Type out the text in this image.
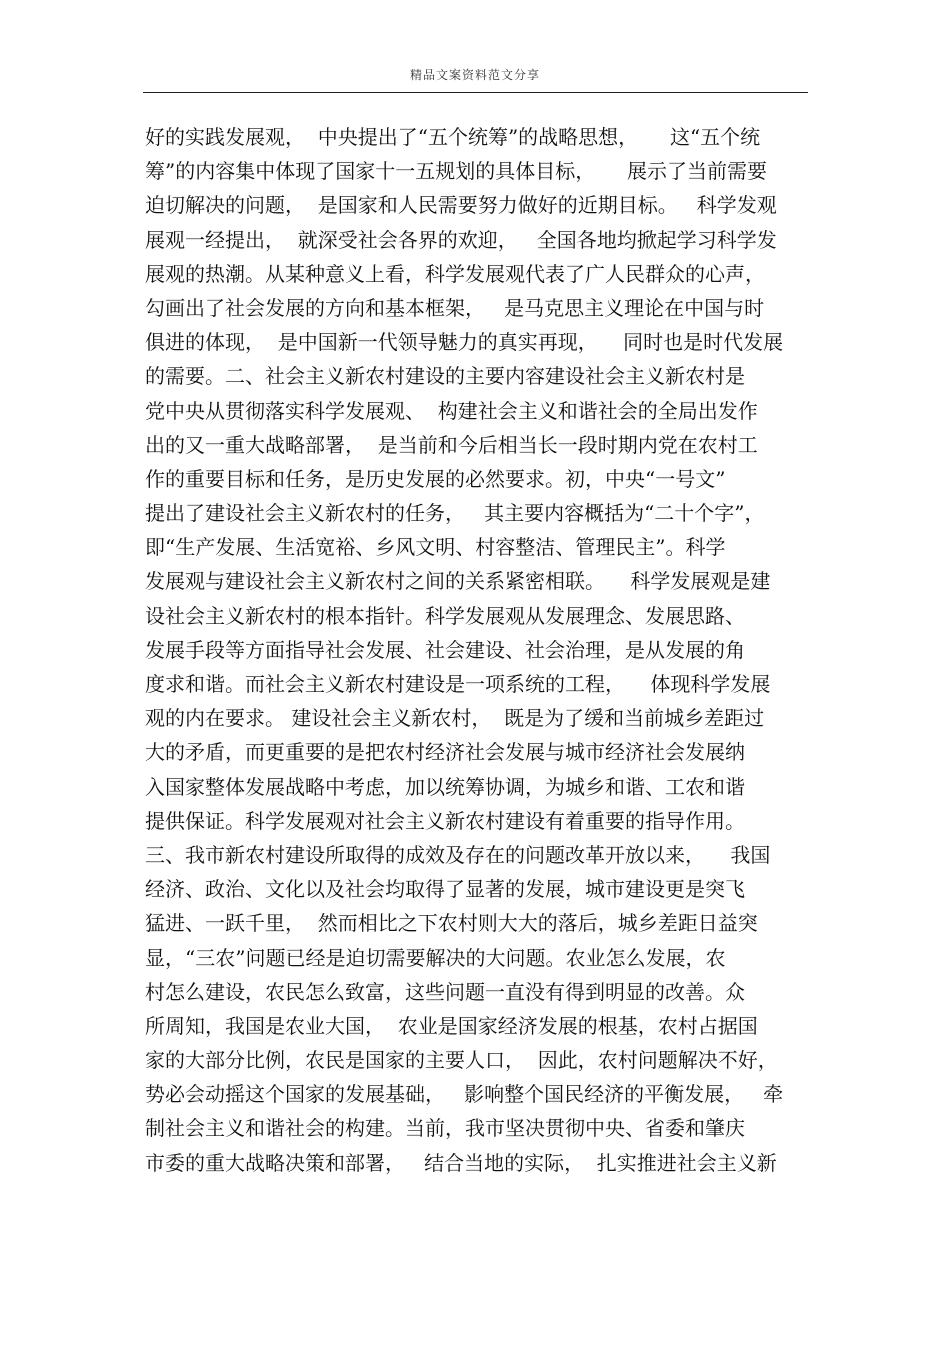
精品文案资料范文分享
好的实践发展观，  中央提出了“五个统筹”的战略思想，     这“五个统
筹”的内容集中体现了国家十一五规划的具体目标，     展示了当前需要
迫切解决的问题，  是国家和人民需要努力做好的近期目标。   科学发观
展观一经提出，  就深受社会各界的欢迎，   全国各地均掀起学习科学发
展观的热潮。从某种意义上看，科学发展观代表了广人民群众的心声，
勾画出了社会发展的方向和基本框架，   是马克思主义理论在中国与时
俱进的体现，  是中国新一代领导魅力的真实再现，    同时也是时代发展
的需要。二、社会主义新农村建设的主要内容建设社会主义新农村是
党中央从贯彻落实科学发展观、  构建社会主义和谐社会的全局出发作
出的又一重大战略部署，  是当前和今后相当长一段时期内党在农村工
作的重要目标和任务，是历史发展的必然要求。初，中央“一号文”
提出了建设社会主义新农村的任务，   其主要内容概括为“二十个字”，
即“生产发展、生活宽裕、乡风文明、村容整洁、管理民主”。科学
发展观与建设社会主义新农村之间的关系紧密相联。    科学发展观是建
设社会主义新农村的根本指针。科学发展观从发展理念、发展思路、
发展手段等方面指导社会发展、社会建设、社会治理，是从发展的角
度求和谐。而社会主义新农村建设是一项系统的工程，    体现科学发展
观的内在要求。 建设社会主义新农村，  既是为了缓和当前城乡差距过
大的矛盾，而更重要的是把农村经济社会发展与城市经济社会发展纳
入国家整体发展战略中考虑，加以统筹协调，为城乡和谐、工农和谐
提供保证。科学发展观对社会主义新农村建设有着重要的指导作用。
三、我市新农村建设所取得的成效及存在的问题改革开放以来，    我国
经济、政治、文化以及社会均取得了显著的发展，城市建设更是突飞
猛进、一跃千里，  然而相比之下农村则大大的落后，城乡差距日益突
显，“三农”问题已经是迫切需要解决的大问题。农业怎么发展，农
村怎么建设，农民怎么致富，这些问题一直没有得到明显的改善。众
所周知，我国是农业大国，  农业是国家经济发展的根基，农村占据国
家的大部分比例，农民是国家的主要人口，  因此，农村问题解决不好，
势必会动摇这个国家的发展基础，   影响整个国民经济的平衡发展，   牵
制社会主义和谐社会的构建。当前，我市坚决贯彻中央、省委和肇庆
市委的重大战略决策和部署，   结合当地的实际，  扎实推进社会主义新
